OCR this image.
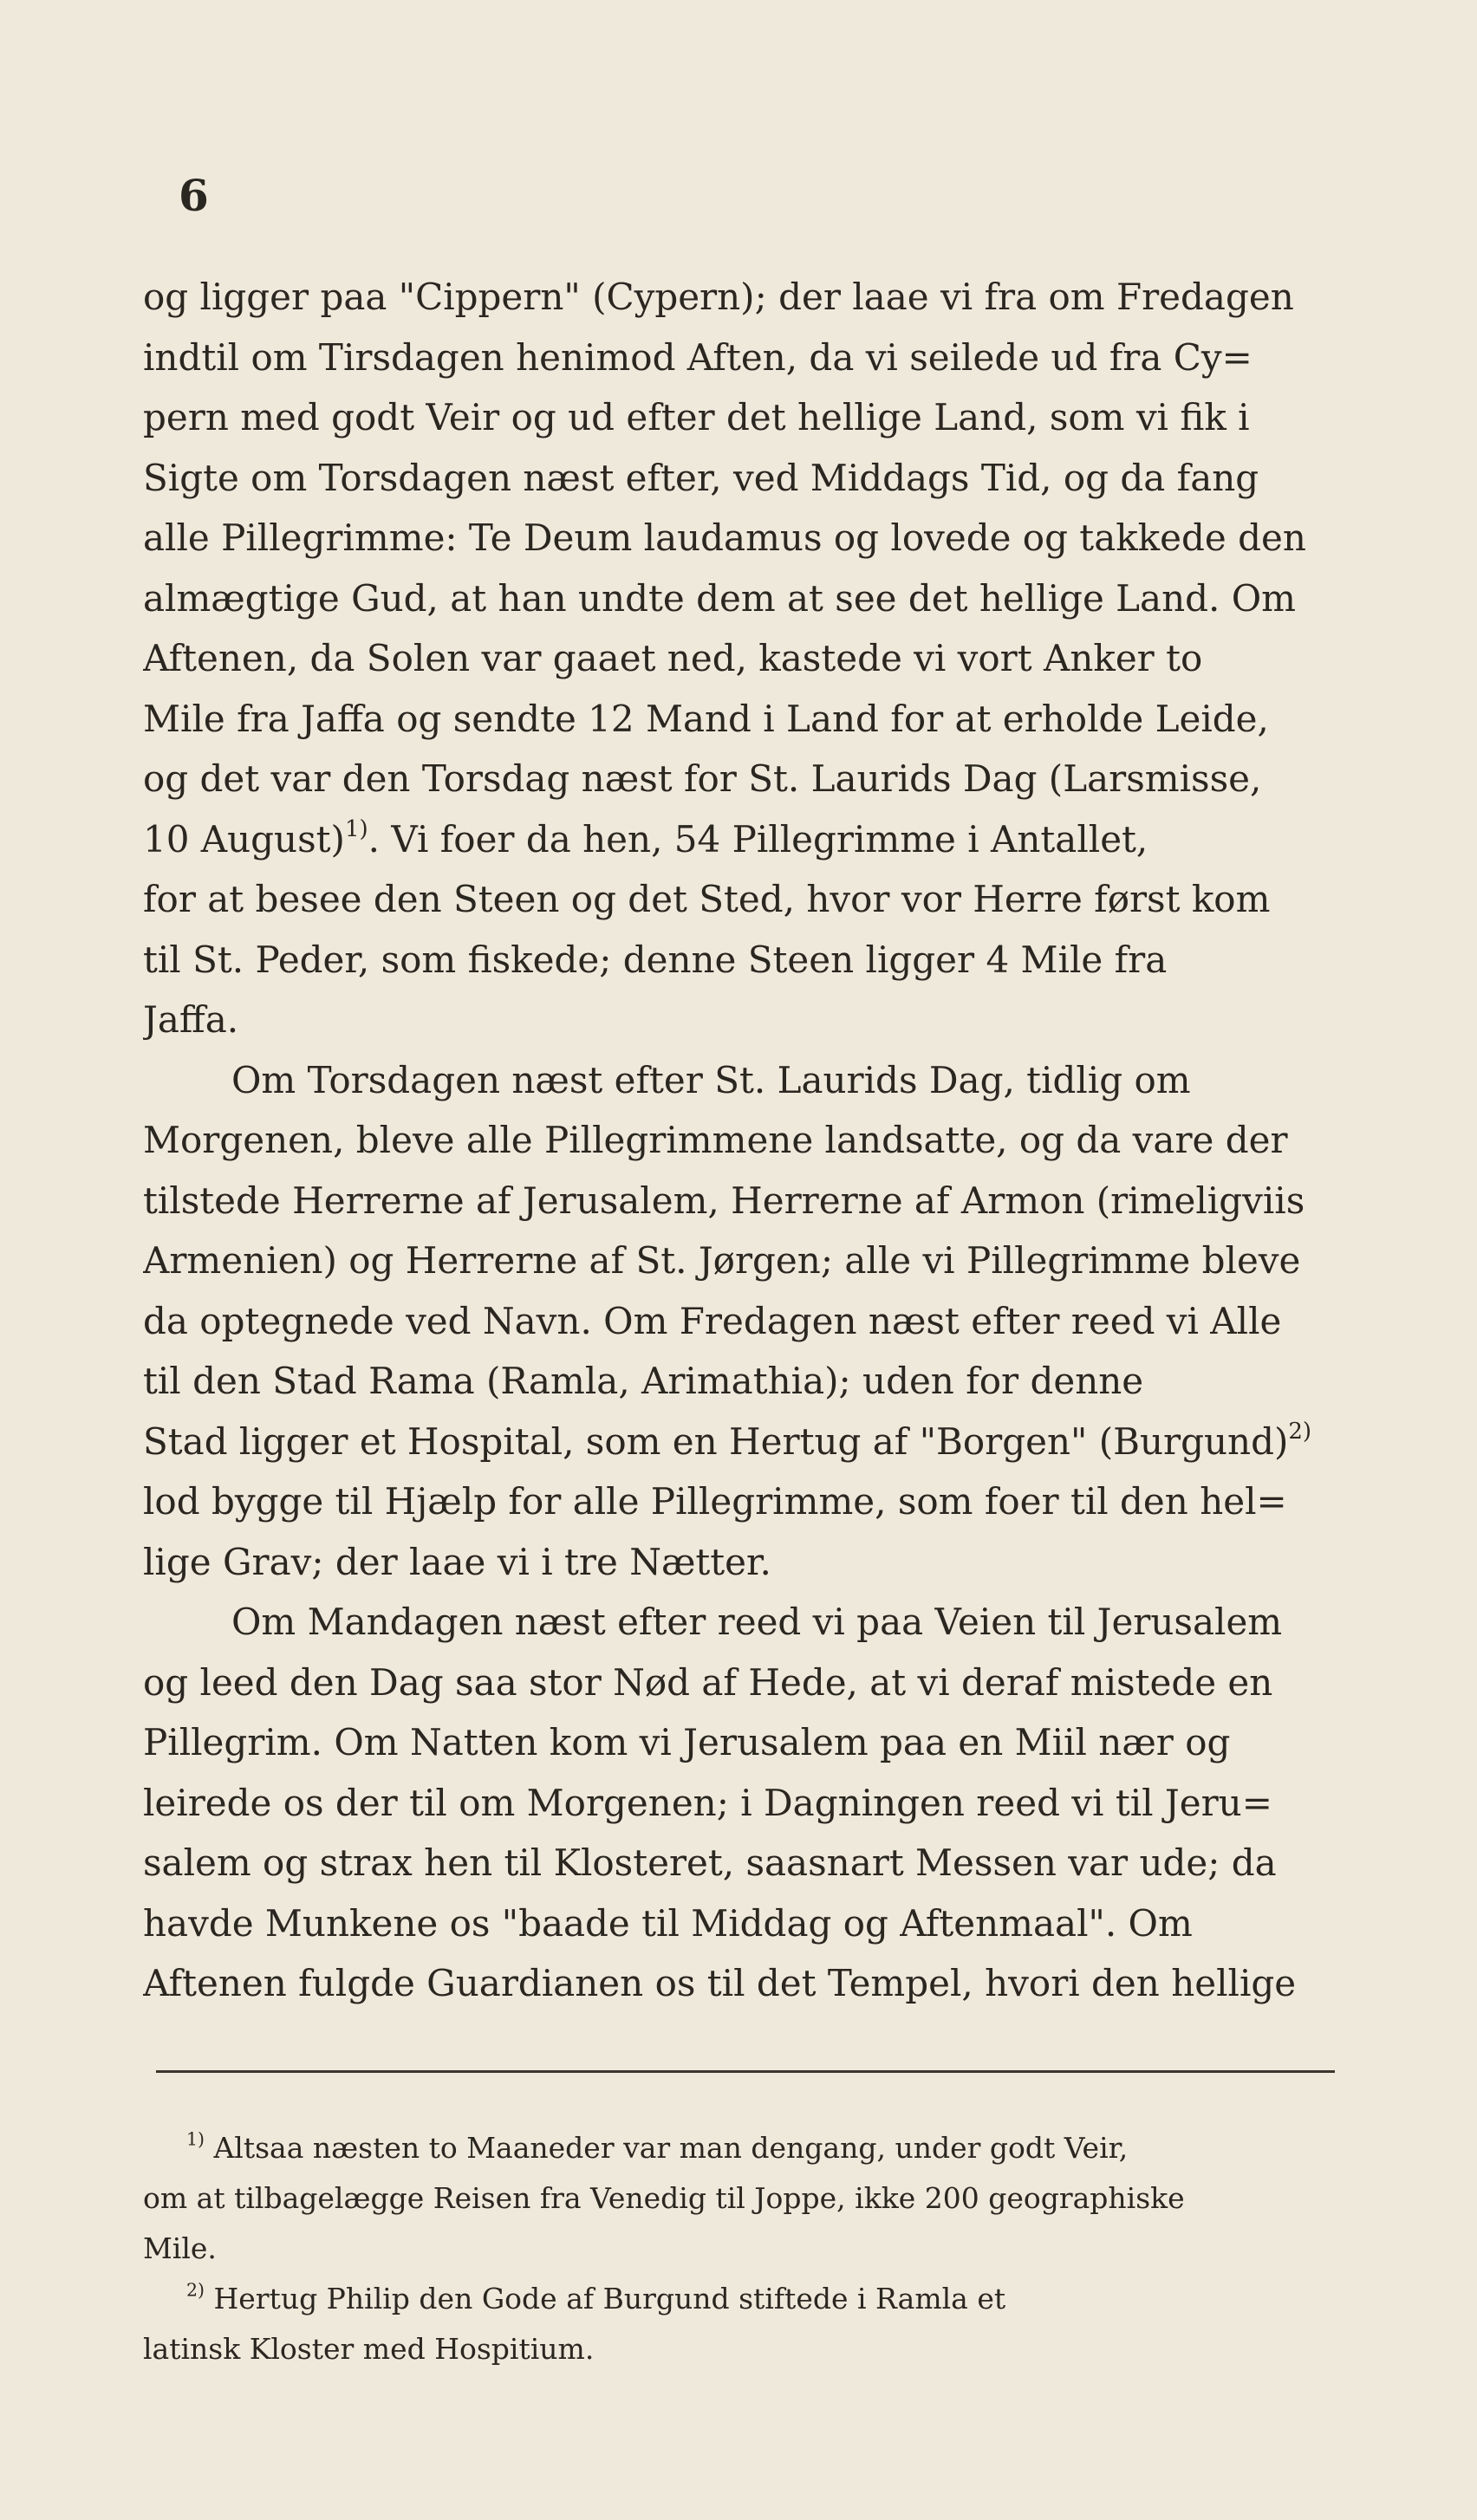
6
og ligger paa "Cippern" (Cypern); der laae vi fra om Fredagen
indtil om Tirsdagen henimod Aften, da vi seilede ud fra Cy=
pern med godt Veir og ud efter det hellige Land, som vi fik i
Sigte om Torsdagen næst efter, ved Middags Tid, og da fang
alle Pillegrimme: Te Deum laudamus og lovede og takkede den
almægtige Gud, at han undte dem at see det hellige Land. Om
Aftenen, da Solen var gaaet ned, kastede vi vort Anker to
Mile fra Jaffa og sendte 12 Mand i Land for at erholde Leide,
og det var den Torsdag næst for St. Laurids Dag (Larsmisse,
10 August)$^{1)}$. Vi foer da hen, 54 Pillegrimme i Antallet,
for at besee den Steen og det Sted, hvor vor Herre først kom
til St. Peder, som fiskede; denne Steen ligger 4 Mile fra
Jaffa.
Om Torsdagen næst efter St. Laurids Dag, tidlig om
Morgenen, bleve alle Pillegrimmene landsatte, og da vare der
tilstede Herrerne af Jerusalem, Herrerne af Armon (rimeligviis
Armenien) og Herrerne af St. Jørgen; alle vi Pillegrimme bleve
da optegnede ved Navn. Om Fredagen næst efter reed vi Alle
til den Stad Rama (Ramla, Arimathia); uden for denne
Stad ligger et Hospital, som en Hertug af "Borgen" (Burgund)$^{2)}$
lod bygge til Hjælp for alle Pillegrimme, som foer til den hel=
lige Grav; der laae vi i tre Nætter.
Om Mandagen næst efter reed vi paa Veien til Jerusalem
og leed den Dag saa stor Nød af Hede, at vi deraf mistede en
Pillegrim. Om Natten kom vi Jerusalem paa en Miil nær og
leirede os der til om Morgenen; i Dagningen reed vi til Jeru=
salem og strax hen til Klosteret, saasnart Messen var ude; da
havde Munkene os "baade til Middag og Aftenmaal". Om
Aftenen fulgde Guardianen os til det Tempel, hvori den hellige
$^{1)}$ Altsaa næsten to Maaneder var man dengang, under godt Veir,
om at tilbagelægge Reisen fra Venedig til Joppe, ikke 200 geographiske
Mile.
$^{2)}$ Hertug Philip den Gode af Burgund stiftede i Ramla et
latinsk Kloster med Hospitium.
